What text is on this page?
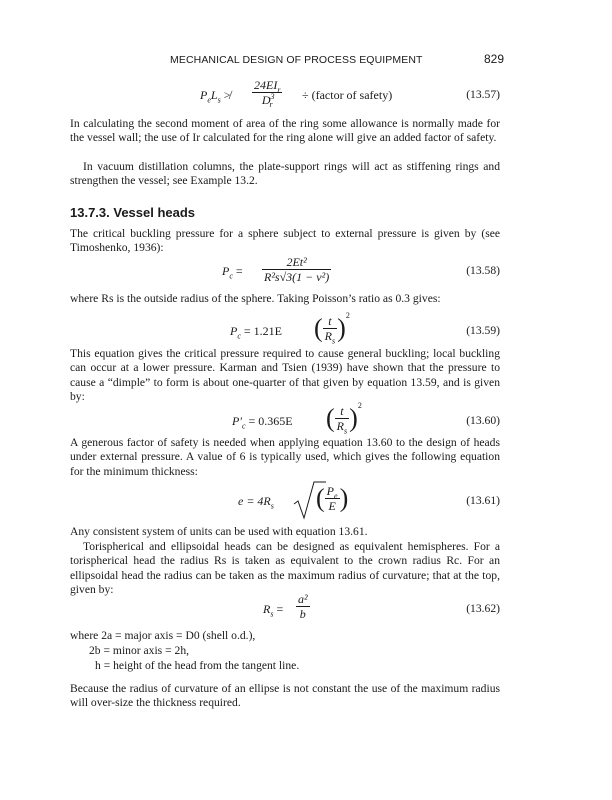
MECHANICAL DESIGN OF PROCESS EQUIPMENT	829
$P_eL_s$ ≯
$24EI_r$
$D^3_r$
÷ (factor of safety)	(13.57)

In calculating the second moment of area of the ring some allowance is normally made for the vessel wall; the use of Ir calculated for the ring alone will give an added factor of safety.

In vacuum distillation columns, the plate-support rings will act as stiffening rings and strengthen the vessel; see Example 13.2.

13.7.3. Vessel heads

The critical buckling pressure for a sphere subject to external pressure is given by (see Timoshenko, 1936):

$P_c = \frac{\text{2Et²}}{\text{R²s√3(1 − ν²)}}$	(13.58)

where Rs is the outside radius of the sphere. Taking Poisson’s ratio as 0.3 gives:

$P_c = 1.21E$ ( $\frac{t}{R_s} )^2$
(13.59)

This equation gives the critical pressure required to cause general buckling; local buckling can occur at a lower pressure. Karman and Tsien (1939) have shown that the pressure to cause a “dimple” to form is about one-quarter of that given by equation 13.59, and is given by:

$P'_c = 0.365E$ ( $\frac{t}{R_s} )^2$
(13.60)

A generous factor of safety is needed when applying equation 13.60 to the design of heads under external pressure. A value of 6 is typically used, which gives the following equation for the minimum thickness:

$e = 4R_s$ ( $\frac{P_e}{E}$ )	(13.61)

Any consistent system of units can be used with equation 13.61.

Torispherical and ellipsoidal heads can be designed as equivalent hemispheres. For a torispherical head the radius Rs is taken as equivalent to the crown radius Rc. For an ellipsoidal head the radius can be taken as the maximum radius of curvature; that at the top, given by:

$R_s = \frac{\text{a²}}{b}$	(13.62)
where 2a = major axis = D0 (shell o.d.),
2b = minor axis = 2h,
h = height of the head from the tangent line.

Because the radius of curvature of an ellipse is not constant the use of the maximum radius will over-size the thickness required.
